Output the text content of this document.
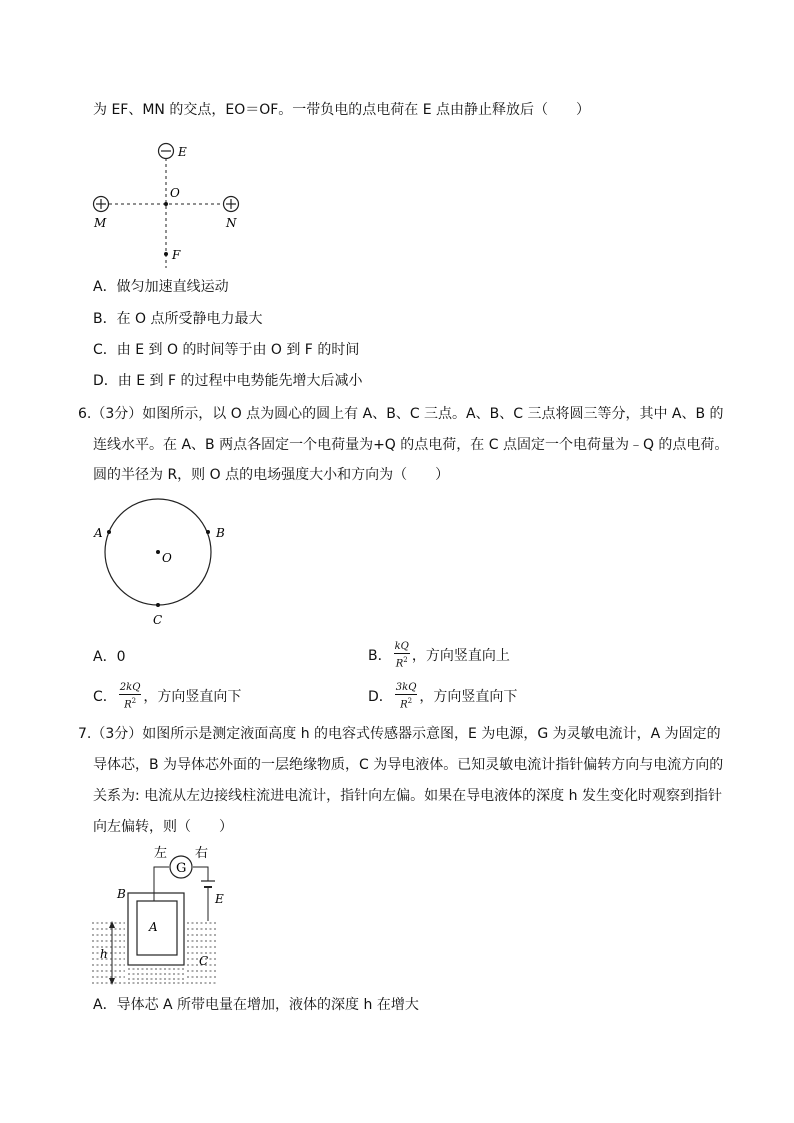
为 EF、MN 的交点，EO＝OF。一带负电的点电荷在 E 点由静止释放后（　　）
E
O
M	N
F
A．做匀加速直线运动
B．在 O 点所受静电力最大
C．由 E 到 O 的时间等于由 O 到 F 的时间
D．由 E 到 F 的过程中电势能先增大后减小
6.（3分）如图所示，以 O 点为圆心的圆上有 A、B、C 三点。A、B、C 三点将圆三等分，其中 A、B 的
连线水平。在 A、B 两点各固定一个电荷量为+Q 的点电荷，在 C 点固定一个电荷量为﹣Q 的点电荷。
圆的半径为 R，则 O 点的电场强度大小和方向为（　　）
A	B
O
C
A．0	B． $\frac{kQ}{R^2}$ ，方向竖直向上
C． $\frac{2kQ}{R^2}$ ，方向竖直向下	D． $\frac{3kQ}{R^2}$ ，方向竖直向下
7.（3分）如图所示是测定液面高度 h 的电容式传感器示意图，E 为电源，G 为灵敏电流计，A 为固定的
导体芯，B 为导体芯外面的一层绝缘物质，C 为导电液体。已知灵敏电流计指针偏转方向与电流方向的
关系为: 电流从左边接线柱流进电流计，指针向左偏。如果在导电液体的深度 h 发生变化时观察到指针
向左偏转，则（　　）
G
左 右
B	E
A
h	C
A．导体芯 A 所带电量在增加，液体的深度 h 在增大
